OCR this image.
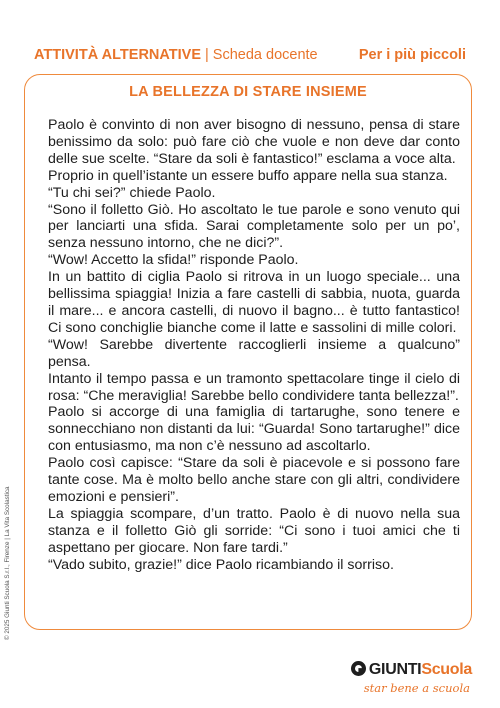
ATTIVITÀ ALTERNATIVE | Scheda docente	Per i più piccoli
LA BELLEZZA DI STARE INSIEME

Paolo è convinto di non aver bisogno di nessuno, pensa di stare benissimo da solo: può fare ciò che vuole e non deve dar conto delle sue scelte. “Stare da soli è fantastico!” esclama a voce alta.

Proprio in quell’istante un essere buffo appare nella sua stanza.

“Tu chi sei?” chiede Paolo.

“Sono il folletto Giò. Ho ascoltato le tue parole e sono venuto qui per lanciarti una sfida. Sarai completamente solo per un po’, senza nessuno intorno, che ne dici?”.

“Wow! Accetto la sfida!” risponde Paolo.

In un battito di ciglia Paolo si ritrova in un luogo speciale... una bellissima spiaggia! Inizia a fare castelli di sabbia, nuota, guarda il mare... e ancora castelli, di nuovo il bagno... è tutto fantastico! Ci sono conchiglie bianche come il latte e sassolini di mille colori.

“Wow! Sarebbe divertente raccoglierli insieme a qualcuno” pensa.

Intanto il tempo passa e un tramonto spettacolare tinge il cielo di rosa: “Che meraviglia! Sarebbe bello condividere tanta bellezza!”.

Paolo si accorge di una famiglia di tartarughe, sono tenere e sonnecchiano non distanti da lui: “Guarda! Sono tartarughe!” dice con entusiasmo, ma non c’è nessuno ad ascoltarlo.

Paolo così capisce: “Stare da soli è piacevole e si possono fare tante cose. Ma è molto bello anche stare con gli altri, condividere emozioni e pensieri”.

La spiaggia scompare, d’un tratto. Paolo è di nuovo nella sua stanza e il folletto Giò gli sorride: “Ci sono i tuoi amici che ti aspettano per giocare. Non fare tardi.”

“Vado subito, grazie!” dice Paolo ricambiando il sorriso.

© 2025 Giunti Scuola S.r.l., Firenze | La Vita Scolastica
GIUNTIScuola
star bene a scuola
